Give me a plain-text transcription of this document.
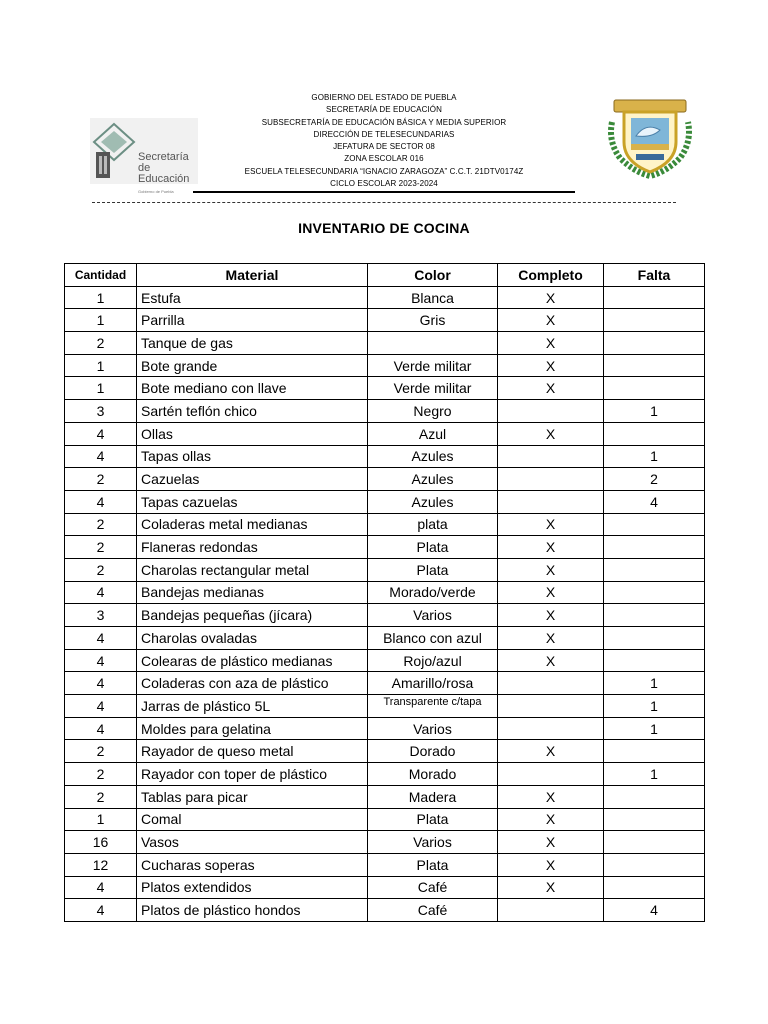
GOBIERNO DEL ESTADO DE PUEBLA
SECRETARÍA DE EDUCACIÓN
SUBSECRETARÍA DE EDUCACIÓN BÁSICA Y MEDIA SUPERIOR
DIRECCIÓN DE TELESECUNDARIAS
JEFATURA DE SECTOR 08
ZONA ESCOLAR 016
ESCUELA TELESECUNDARIA “IGNACIO ZARAGOZA” C.C.T. 21DTV0174Z
CICLO ESCOLAR 2023-2024
Secretaría
de Educación
Gobierno de Puebla
INVENTARIO DE COCINA
Cantidad	Material	Color	Completo	Falta
1	Estufa	Blanca	X	
1	Parrilla	Gris	X	
2	Tanque de gas		X	
1	Bote grande	Verde militar	X	
1	Bote mediano con llave	Verde militar	X	
3	Sartén teflón chico	Negro		1
4	Ollas	Azul	X	
4	Tapas ollas	Azules		1
2	Cazuelas	Azules		2
4	Tapas cazuelas	Azules		4
2	Coladeras metal medianas	plata	X	
2	Flaneras redondas	Plata	X	
2	Charolas rectangular metal	Plata	X	
4	Bandejas medianas	Morado/verde	X	
3	Bandejas pequeñas (jícara)	Varios	X	
4	Charolas ovaladas	Blanco con azul	X	
4	Colearas de plástico medianas	Rojo/azul	X	
4	Coladeras con aza de plástico	Amarillo/rosa		1
4	Jarras de plástico 5L	Transparente c/tapa		1
4	Moldes para gelatina	Varios		1
2	Rayador de queso metal	Dorado	X	
2	Rayador con toper de plástico	Morado		1
2	Tablas para picar	Madera	X	
1	Comal	Plata	X	
16	Vasos	Varios	X	
12	Cucharas soperas	Plata	X	
4	Platos extendidos	Café	X	
4	Platos de plástico hondos	Café		4
